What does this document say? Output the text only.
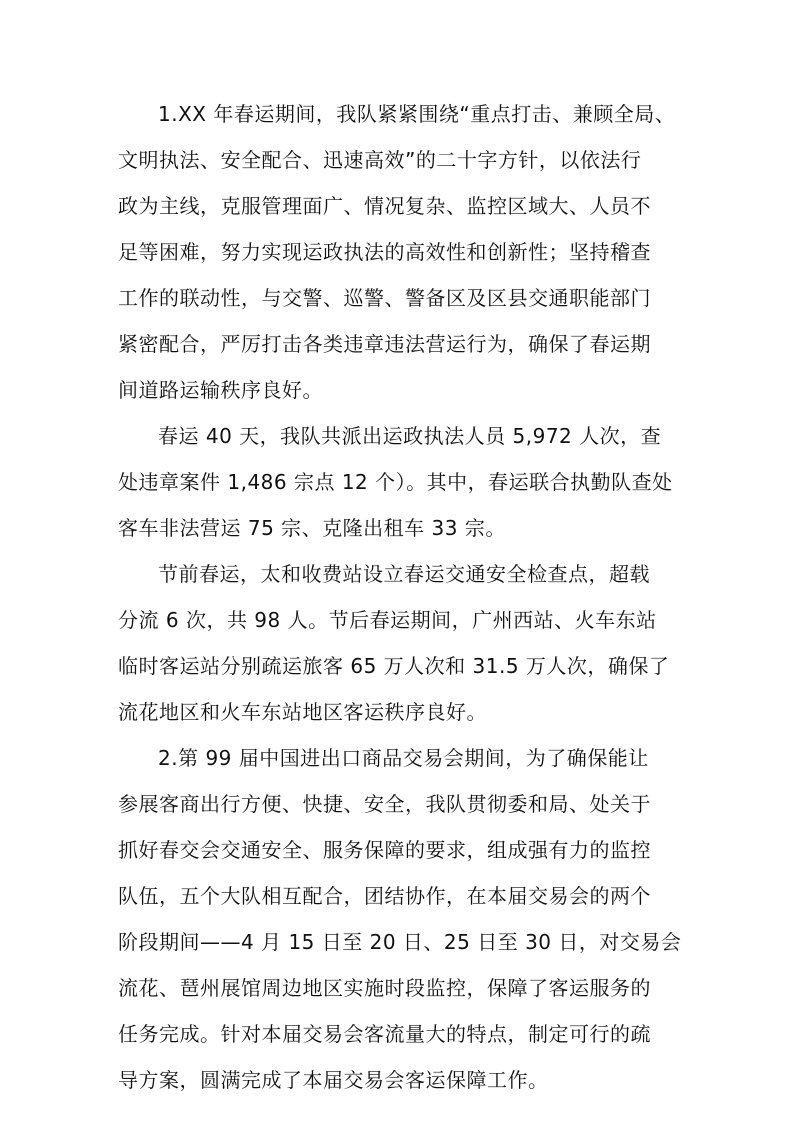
1.XX 年春运期间，我队紧紧围绕“重点打击、兼顾全局、
文明执法、安全配合、迅速高效”的二十字方针，以依法行
政为主线，克服管理面广、情况复杂、监控区域大、人员不
足等困难，努力实现运政执法的高效性和创新性；坚持稽查
工作的联动性，与交警、巡警、警备区及区县交通职能部门
紧密配合，严厉打击各类违章违法营运行为，确保了春运期
间道路运输秩序良好。
春运 40 天，我队共派出运政执法人员 5,972 人次，查
处违章案件 1,486 宗点 12 个）。其中，春运联合执勤队查处
客车非法营运 75 宗、克隆出租车 33 宗。
节前春运，太和收费站设立春运交通安全检查点，超载
分流 6 次，共 98 人。节后春运期间，广州西站、火车东站
临时客运站分别疏运旅客 65 万人次和 31.5 万人次，确保了
流花地区和火车东站地区客运秩序良好。
2.第 99 届中国进出口商品交易会期间，为了确保能让
参展客商出行方便、快捷、安全，我队贯彻委和局、处关于
抓好春交会交通安全、服务保障的要求，组成强有力的监控
队伍，五个大队相互配合，团结协作，在本届交易会的两个
阶段期间——4 月 15 日至 20 日、25 日至 30 日，对交易会
流花、琶州展馆周边地区实施时段监控，保障了客运服务的
任务完成。针对本届交易会客流量大的特点，制定可行的疏
导方案，圆满完成了本届交易会客运保障工作。
